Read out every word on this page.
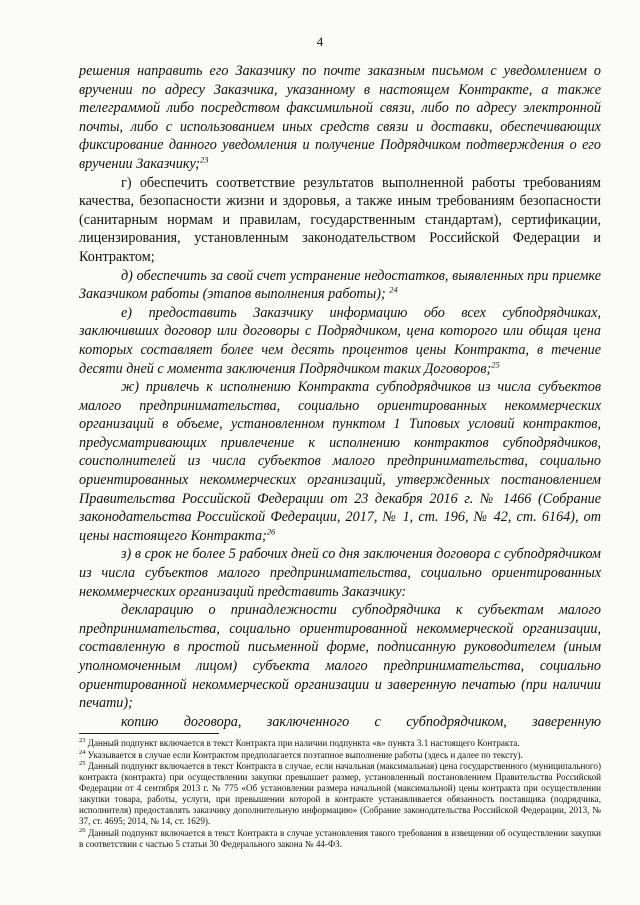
4

решения направить его Заказчику по почте заказным письмом с уведомлением о вручении по адресу Заказчика, указанному в настоящем Контракте, а также телеграммой либо посредством факсимильной связи, либо по адресу электронной почты, либо с использованием иных средств связи и доставки, обеспечивающих фиксирование данного уведомления и получение Подрядчиком подтверждения о его вручении Заказчику;$^{23}$

г) обеспечить соответствие результатов выполненной работы требованиям качества, безопасности жизни и здоровья, а также иным требованиям безопасности (санитарным нормам и правилам, государственным стандартам), сертификации, лицензирования, установленным законодательством Российской Федерации и Контрактом;

д) обеспечить за свой счет устранение недостатков, выявленных при приемке Заказчиком работы (этапов выполнения работы); $^{24}$

е) предоставить Заказчику информацию обо всех субподрядчиках, заключивших договор или договоры с Подрядчиком, цена которого или общая цена которых составляет более чем десять процентов цены Контракта, в течение десяти дней с момента заключения Подрядчиком таких Договоров;$^{25}$

ж) привлечь к исполнению Контракта субподрядчиков из числа субъектов малого предпринимательства, социально ориентированных некоммерческих организаций в объеме, установленном пунктом 1 Типовых условий контрактов, предусматривающих привлечение к исполнению контрактов субподрядчиков, соисполнителей из числа субъектов малого предпринимательства, социально ориентированных некоммерческих организаций, утвержденных постановлением Правительства Российской Федерации от 23 декабря 2016 г. № 1466 (Собрание законодательства Российской Федерации, 2017, № 1, ст. 196, № 42, ст. 6164), от цены настоящего Контракта;$^{26}$

з) в срок не более 5 рабочих дней со дня заключения договора с субподрядчиком из числа субъектов малого предпринимательства, социально ориентированных некоммерческих организаций представить Заказчику:

декларацию о принадлежности субподрядчика к субъектам малого предпринимательства, социально ориентированной некоммерческой организации, составленную в простой письменной форме, подписанную руководителем (иным уполномоченным лицом) субъекта малого предпринимательства, социально ориентированной некоммерческой организации и заверенную печатью (при наличии печати);

копию договора, заключенного с субподрядчиком, заверенную

$^{23}$ Данный подпункт включается в текст Контракта при наличии подпункта «в» пункта 3.1 настоящего Контракта.

$^{24}$ Указывается в случае если Контрактом предполагается поэтапное выполнение работы (здесь и далее по тексту).

$^{25}$ Данный подпункт включается в текст Контракта в случае, если начальная (максимальная) цена государственного (муниципального) контракта (контракта) при осуществлении закупки превышает размер, установленный постановлением Правительства Российской Федерации от 4 сентября 2013 г. № 775 «Об установлении размера начальной (максимальной) цены контракта при осуществлении закупки товара, работы, услуги, при превышении которой в контракте устанавливается обязанность поставщика (подрядчика, исполнителя) предоставлять заказчику дополнительную информацию» (Собрание законодательства Российской Федерации, 2013, № 37, ст. 4695; 2014, № 14, ст. 1629).

$^{26}$ Данный подпункт включается в текст Контракта в случае установления такого требования в извещении об осуществлении закупки в соответствии с частью 5 статьи 30 Федерального закона № 44-ФЗ.
